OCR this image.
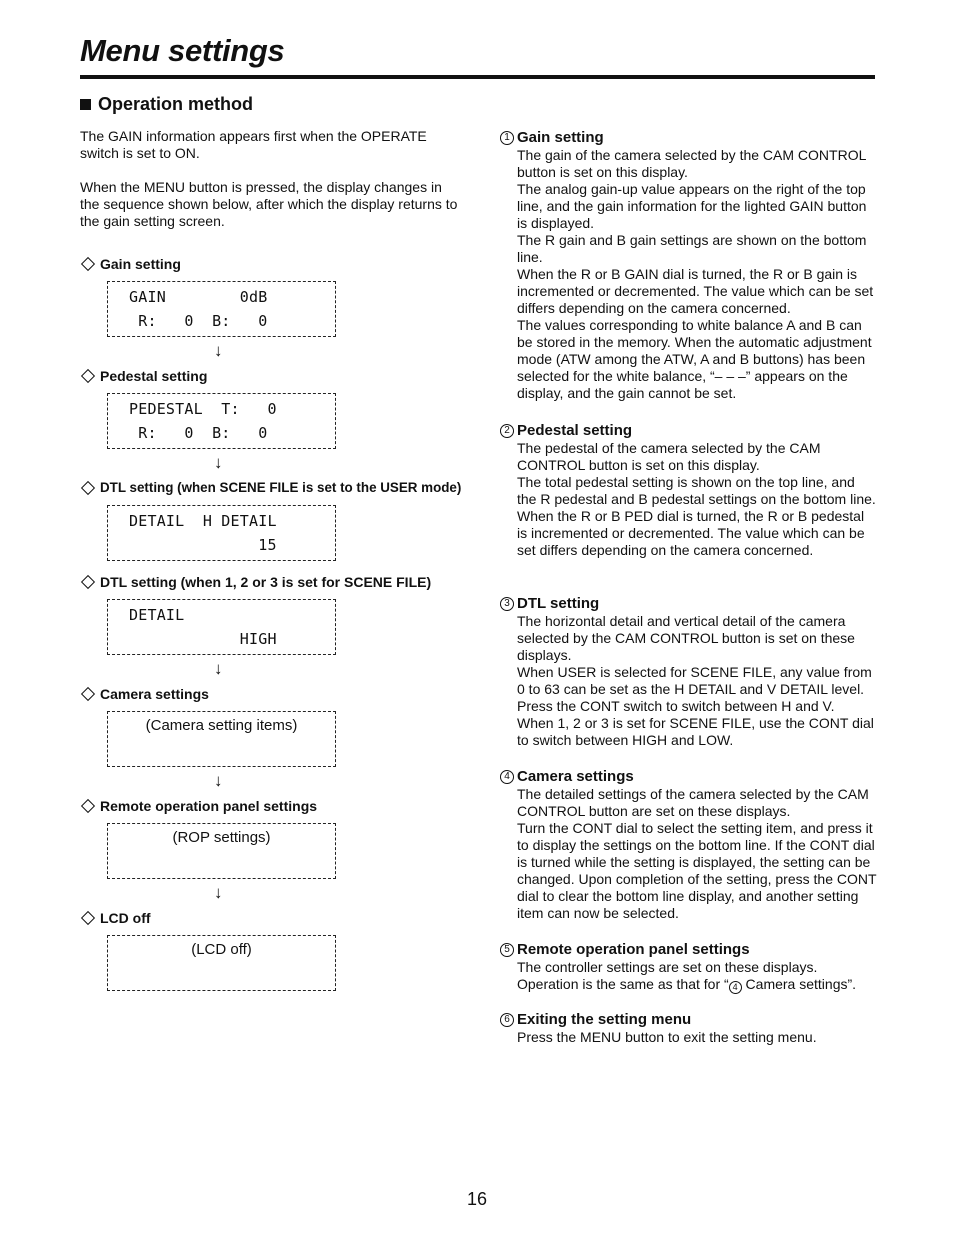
Menu settings
Operation method
The GAIN information appears first when the OPERATE switch is set to ON.
When the MENU button is pressed, the display changes in the sequence shown below, after which the display returns to the gain setting screen.
Gain setting
GAIN        0dB
R:   0  B:   0
↓
Pedestal setting
PEDESTAL  T:   0
R:   0  B:   0
↓
DTL setting (when SCENE FILE is set to the USER mode)
DETAIL  H DETAIL
15
DTL setting (when 1, 2 or 3 is set for SCENE FILE)
DETAIL
HIGH
↓
Camera settings
(Camera setting items)
↓
Remote operation panel settings
(ROP settings)
↓
LCD off
(LCD off)
1 Gain setting

The gain of the camera selected by the CAM CONTROL button is set on this display.

The analog gain-up value appears on the right of the top line, and the gain information for the lighted GAIN button is displayed.

The R gain and B gain settings are shown on the bottom line.

When the R or B GAIN dial is turned, the R or B gain is incremented or decremented. The value which can be set differs depending on the camera concerned.

The values corresponding to white balance A and B can be stored in the memory. When the automatic adjustment mode (ATW among the ATW, A and B buttons) has been selected for the white balance, “– – –” appears on the display, and the gain cannot be set.

2 Pedestal setting

The pedestal of the camera selected by the CAM CONTROL button is set on this display.

The total pedestal setting is shown on the top line, and the R pedestal and B pedestal settings on the bottom line.

When the R or B PED dial is turned, the R or B pedestal is incremented or decremented. The value which can be set differs depending on the camera concerned.

3 DTL setting

The horizontal detail and vertical detail of the camera selected by the CAM CONTROL button is set on these displays.

When USER is selected for SCENE FILE, any value from 0 to 63 can be set as the H DETAIL and V DETAIL level. Press the CONT switch to switch between H and V.

When 1, 2 or 3 is set for SCENE FILE, use the CONT dial to switch between HIGH and LOW.

4 Camera settings

The detailed settings of the camera selected by the CAM CONTROL button are set on these displays.

Turn the CONT dial to select the setting item, and press it to display the settings on the bottom line. If the CONT dial is turned while the setting is displayed, the setting can be changed. Upon completion of the setting, press the CONT dial to clear the bottom line display, and another setting item can now be selected.

5 Remote operation panel settings

The controller settings are set on these displays.

Operation is the same as that for “ 4 Camera settings”.

6 Exiting the setting menu

Press the MENU button to exit the setting menu.

16
